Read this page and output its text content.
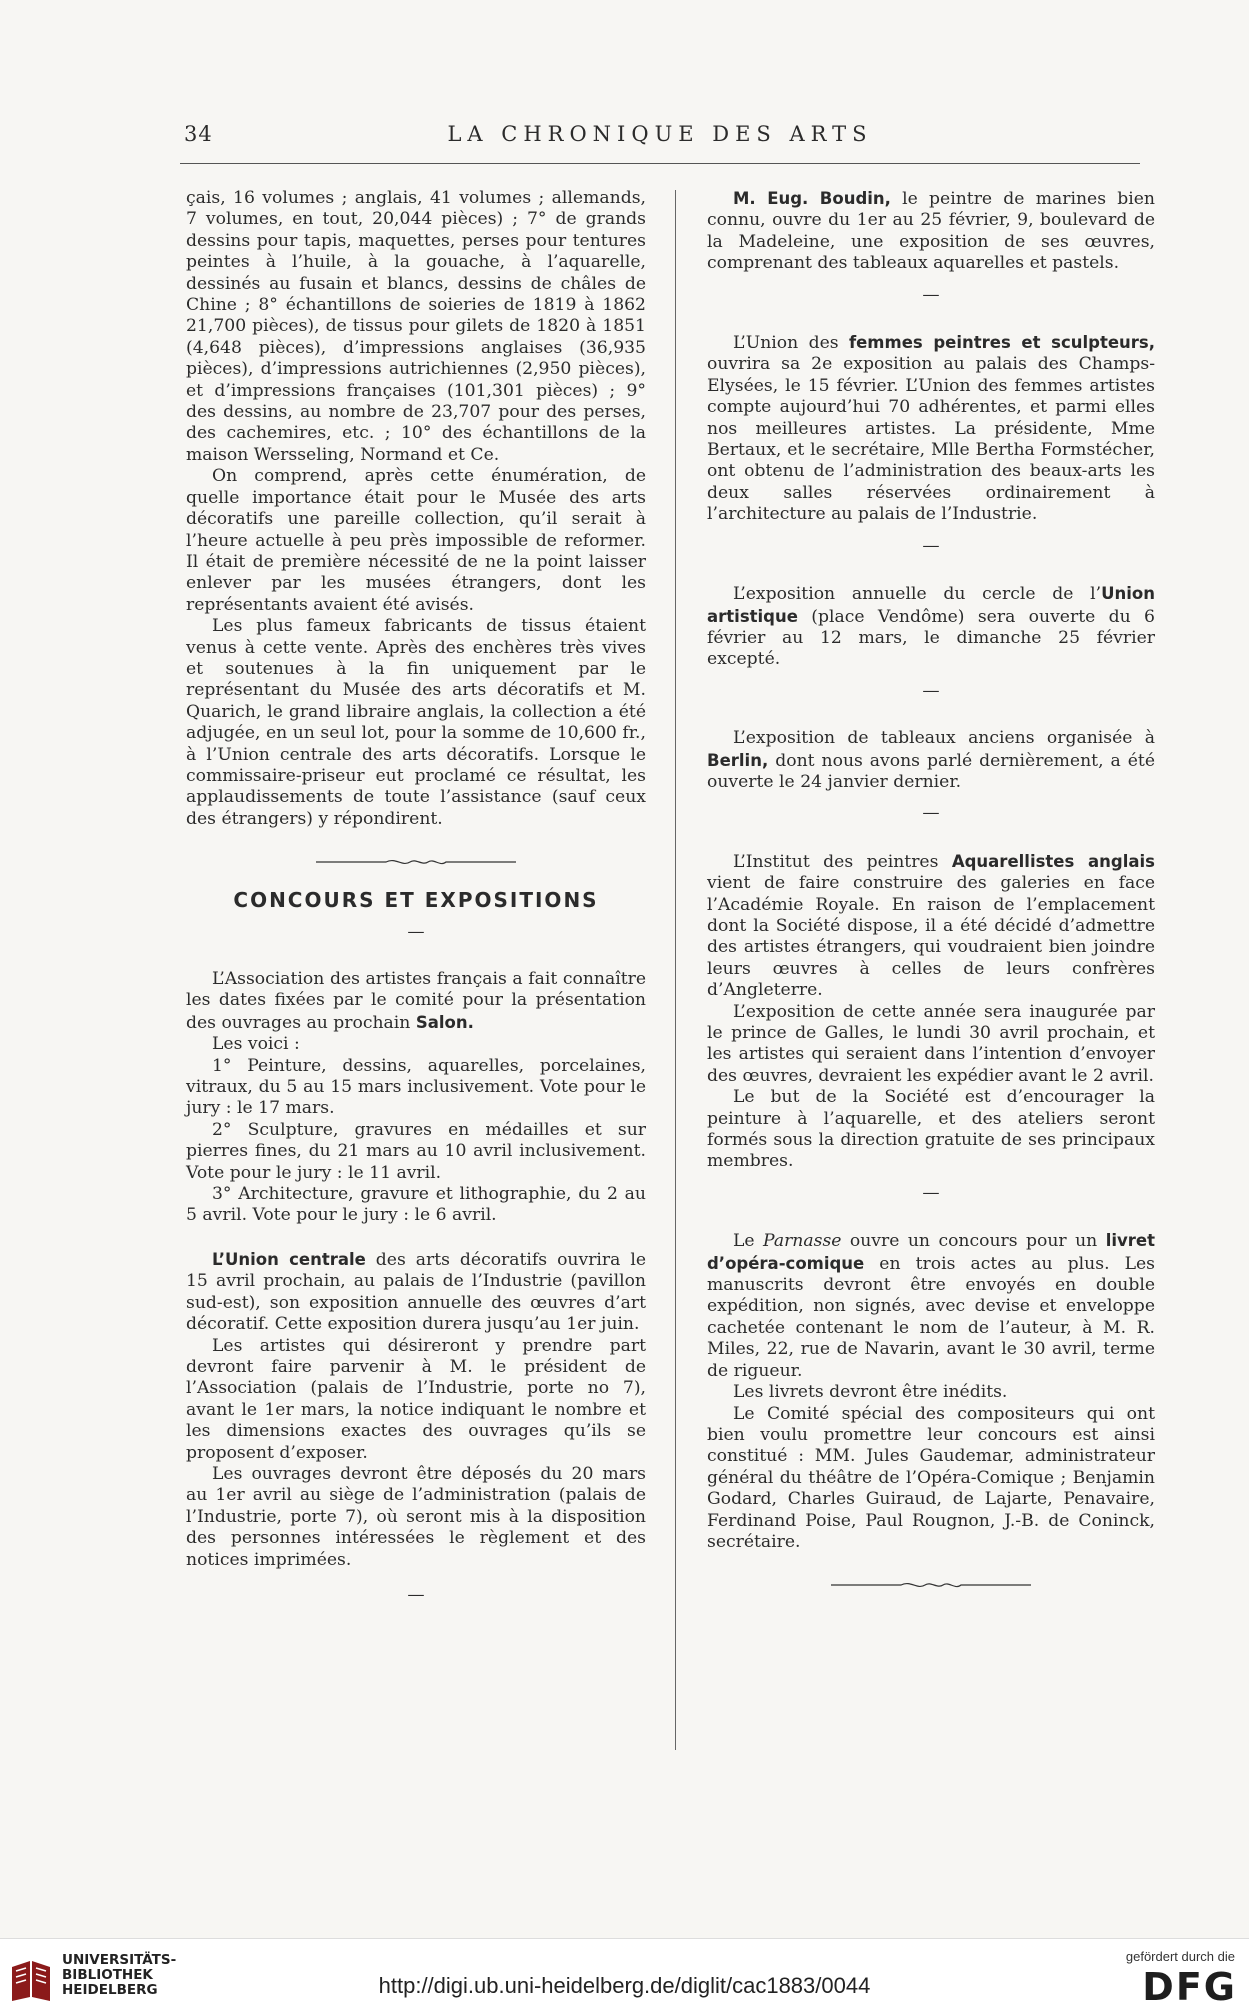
34	LA CHRONIQUE DES ARTS

çais, 16 volumes ; anglais, 41 volumes ; allemands, 7 volumes, en tout, 20,044 pièces) ; 7° de grands dessins pour tapis, maquettes, perses pour tentures peintes à l’huile, à la gouache, à l’aquarelle, dessinés au fusain et blancs, dessins de châles de Chine ; 8° échantillons de soieries de 1819 à 1862 21,700 pièces), de tissus pour gilets de 1820 à 1851 (4,648 pièces), d’impressions anglaises (36,935 pièces), d’impressions autrichiennes (2,950 pièces), et d’impressions françaises (101,301 pièces) ; 9° des dessins, au nombre de 23,707 pour des perses, des cachemires, etc. ; 10° des échantillons de la maison Wersseling, Normand et Ce.

On comprend, après cette énumération, de quelle importance était pour le Musée des arts décoratifs une pareille collection, qu’il serait à l’heure actuelle à peu près impossible de reformer. Il était de première nécessité de ne la point laisser enlever par les musées étrangers, dont les représentants avaient été avisés.

Les plus fameux fabricants de tissus étaient venus à cette vente. Après des enchères très vives et soutenues à la fin uniquement par le représentant du Musée des arts décoratifs et M. Quarich, le grand libraire anglais, la collection a été adjugée, en un seul lot, pour la somme de 10,600 fr., à l’Union centrale des arts décoratifs. Lorsque le commissaire-priseur eut proclamé ce résultat, les applaudissements de toute l’assistance (sauf ceux des étrangers) y répondirent.

CONCOURS ET EXPOSITIONS

—

L’Association des artistes français a fait connaître les dates fixées par le comité pour la présentation des ouvrages au prochain Salon.

Les voici :

1° Peinture, dessins, aquarelles, porcelaines, vitraux, du 5 au 15 mars inclusivement. Vote pour le jury : le 17 mars.

2° Sculpture, gravures en médailles et sur pierres fines, du 21 mars au 10 avril inclusivement. Vote pour le jury : le 11 avril.

3° Architecture, gravure et lithographie, du 2 au 5 avril. Vote pour le jury : le 6 avril.

L’Union centrale des arts décoratifs ouvrira le 15 avril prochain, au palais de l’Industrie (pavillon sud-est), son exposition annuelle des œuvres d’art décoratif. Cette exposition durera jusqu’au 1er juin.

Les artistes qui désireront y prendre part devront faire parvenir à M. le président de l’Association (palais de l’Industrie, porte no 7), avant le 1er mars, la notice indiquant le nombre et les dimensions exactes des ouvrages qu’ils se proposent d’exposer.

Les ouvrages devront être déposés du 20 mars au 1er avril au siège de l’administration (palais de l’Industrie, porte 7), où seront mis à la disposition des personnes intéressées le règlement et des notices imprimées.

—

M. Eug. Boudin, le peintre de marines bien connu, ouvre du 1er au 25 février, 9, boulevard de la Madeleine, une exposition de ses œuvres, comprenant des tableaux aquarelles et pastels.

—

L’Union des femmes peintres et sculpteurs, ouvrira sa 2e exposition au palais des Champs-Elysées, le 15 février. L’Union des femmes artistes compte aujourd’hui 70 adhérentes, et parmi elles nos meilleures artistes. La présidente, Mme Bertaux, et le secrétaire, Mlle Bertha Formstécher, ont obtenu de l’administration des beaux-arts les deux salles réservées ordinairement à l’architecture au palais de l’Industrie.

—

L’exposition annuelle du cercle de l’Union artistique (place Vendôme) sera ouverte du 6 février au 12 mars, le dimanche 25 février excepté.

—

L’exposition de tableaux anciens organisée à Berlin, dont nous avons parlé dernièrement, a été ouverte le 24 janvier dernier.

—

L’Institut des peintres Aquarellistes anglais vient de faire construire des galeries en face l’Académie Royale. En raison de l’emplacement dont la Société dispose, il a été décidé d’admettre des artistes étrangers, qui voudraient bien joindre leurs œuvres à celles de leurs confrères d’Angleterre.

L’exposition de cette année sera inaugurée par le prince de Galles, le lundi 30 avril prochain, et les artistes qui seraient dans l’intention d’envoyer des œuvres, devraient les expédier avant le 2 avril.

Le but de la Société est d’encourager la peinture à l’aquarelle, et des ateliers seront formés sous la direction gratuite de ses principaux membres.

—

Le Parnasse ouvre un concours pour un livret d’opéra-comique en trois actes au plus. Les manuscrits devront être envoyés en double expédition, non signés, avec devise et enveloppe cachetée contenant le nom de l’auteur, à M. R. Miles, 22, rue de Navarin, avant le 30 avril, terme de rigueur.

Les livrets devront être inédits.

Le Comité spécial des compositeurs qui ont bien voulu promettre leur concours est ainsi constitué : MM. Jules Gaudemar, administrateur général du théâtre de l’Opéra-Comique ; Benjamin Godard, Charles Guiraud, de Lajarte, Penavaire, Ferdinand Poise, Paul Rougnon, J.-B. de Coninck, secrétaire.

UNIVERSITÄTS-
BIBLIOTHEK
HEIDELBERG	http://digi.ub.uni-heidelberg.de/diglit/cac1883/0044
gefördert durch die
DFG
